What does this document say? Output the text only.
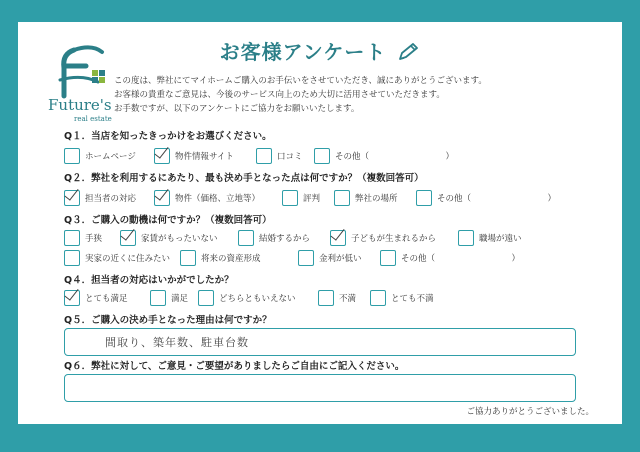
Future's
real estate
お客様アンケート
この度は、弊社にてマイホームご購入のお手伝いをさせていただき、誠にありがとうございます。
お客様の貴重なご意見は、今後のサービス向上のため大切に活用させていただきます。
お手数ですが、以下のアンケートにご協力をお願いいたします。
Q１．当店を知ったきっかけをお選びください。
ホームページ	物件情報サイト	口コミ	その他（　　　　　　　　　）
Q２．弊社を利用するにあたり、最も決め手となった点は何ですか？（複数回答可）
担当者の対応	物件（価格、立地等）	評判	弊社の場所	その他（　　　　　　　　　）
Q３．ご購入の動機は何ですか？（複数回答可）
手狭	家賃がもったいない	結婚するから	子どもが生まれるから	職場が遠い
実家の近くに住みたい	将来の資産形成	金利が低い	その他（　　　　　　　　　）
Q４．担当者の対応はいかがでしたか？
とても満足	満足	どちらともいえない	不満	とても不満
Q５．ご購入の決め手となった理由は何ですか？
間取り、築年数、駐車台数
Q６．弊社に対して、ご意見・ご要望がありましたらご自由にご記入ください。
ご協力ありがとうございました。
